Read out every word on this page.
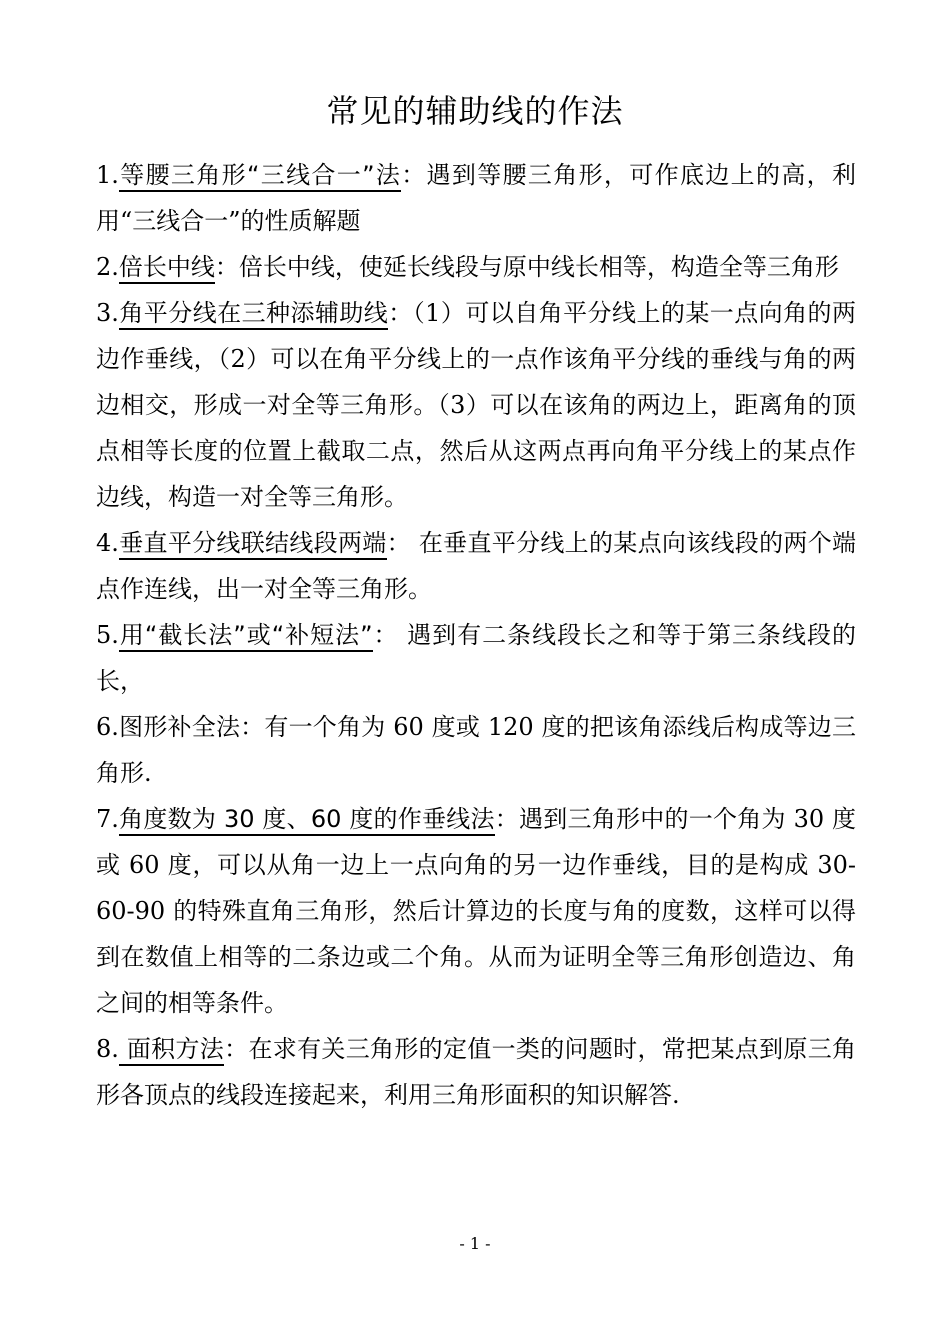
常见的辅助线的作法

1.等腰三角形“三线合一”法：遇到等腰三角形，可作底边上的高，利用“三线合一”的性质解题

2.倍长中线：倍长中线，使延长线段与原中线长相等，构造全等三角形

3.角平分线在三种添辅助线：（1）可以自角平分线上的某一点向角的两边作垂线，（2）可以在角平分线上的一点作该角平分线的垂线与角的两边相交，形成一对全等三角形。（3）可以在该角的两边上，距离角的顶点相等长度的位置上截取二点，然后从这两点再向角平分线上的某点作边线，构造一对全等三角形。

4.垂直平分线联结线段两端： 在垂直平分线上的某点向该线段的两个端点作连线，出一对全等三角形。

5.用“截长法”或“补短法”： 遇到有二条线段长之和等于第三条线段的长，

6.图形补全法：有一个角为 60 度或 120 度的把该角添线后构成等边三角形.

7.角度数为 30 度、60 度的作垂线法：遇到三角形中的一个角为 30 度或 60 度，可以从角一边上一点向角的另一边作垂线，目的是构成 30-60-90 的特殊直角三角形，然后计算边的长度与角的度数，这样可以得到在数值上相等的二条边或二个角。从而为证明全等三角形创造边、角之间的相等条件。

8. 面积方法：在求有关三角形的定值一类的问题时，常把某点到原三角形各顶点的线段连接起来，利用三角形面积的知识解答.

- 1 -
